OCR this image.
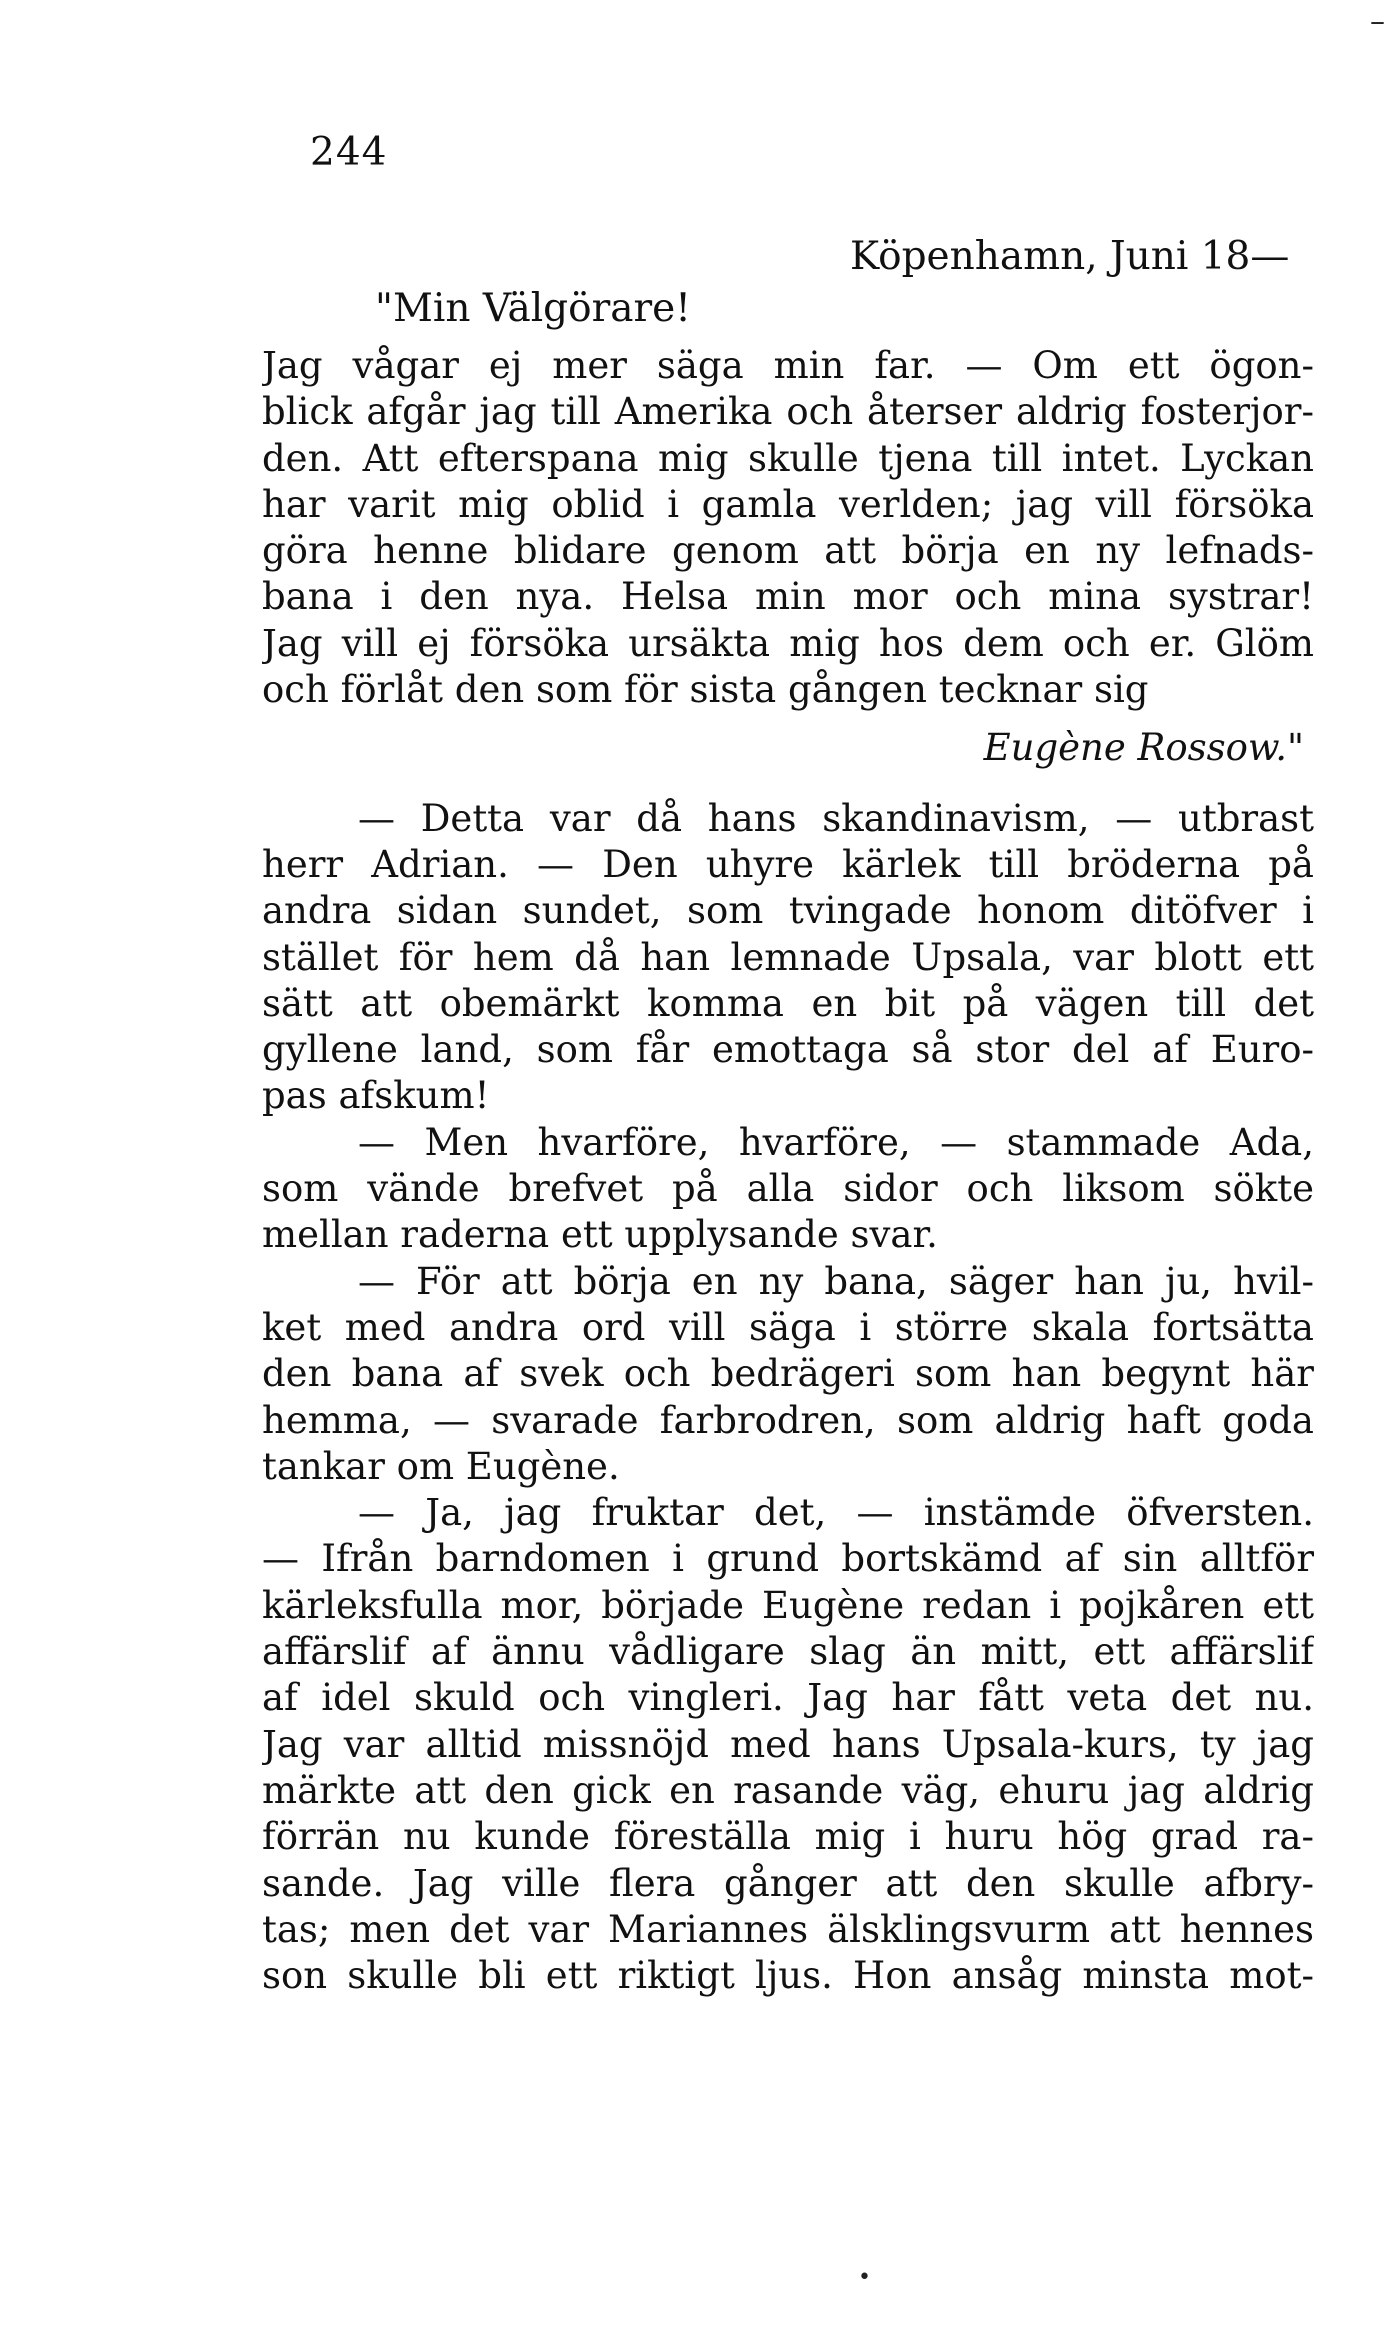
–
244
Köpenhamn, Juni 18—
"Min Välgörare!
Jag vågar ej mer säga min far. — Om ett ögon-
blick afgår jag till Amerika och återser aldrig fosterjor-
den. Att efterspana mig skulle tjena till intet. Lyckan
har varit mig oblid i gamla verlden; jag vill försöka
göra henne blidare genom att börja en ny lefnads-
bana i den nya. Helsa min mor och mina systrar!
Jag vill ej försöka ursäkta mig hos dem och er. Glöm
och förlåt den som för sista gången tecknar sig
Eugène Rossow."
— Detta var då hans skandinavism, — utbrast
herr Adrian. — Den uhyre kärlek till bröderna på
andra sidan sundet, som tvingade honom ditöfver i
stället för hem då han lemnade Upsala, var blott ett
sätt att obemärkt komma en bit på vägen till det
gyllene land, som får emottaga så stor del af Euro-
pas afskum!
— Men hvarföre, hvarföre, — stammade Ada,
som vände brefvet på alla sidor och liksom sökte
mellan raderna ett upplysande svar.
— För att börja en ny bana, säger han ju, hvil-
ket med andra ord vill säga i större skala fortsätta
den bana af svek och bedrägeri som han begynt här
hemma, — svarade farbrodren, som aldrig haft goda
tankar om Eugène.
— Ja, jag fruktar det, — instämde öfversten.
— Ifrån barndomen i grund bortskämd af sin alltför
kärleksfulla mor, började Eugène redan i pojkåren ett
affärslif af ännu vådligare slag än mitt, ett affärslif
af idel skuld och vingleri. Jag har fått veta det nu.
Jag var alltid missnöjd med hans Upsala-kurs, ty jag
märkte att den gick en rasande väg, ehuru jag aldrig
förrän nu kunde föreställa mig i huru hög grad ra-
sande. Jag ville flera gånger att den skulle afbry-
tas; men det var Mariannes älsklingsvurm att hennes
son skulle bli ett riktigt ljus. Hon ansåg minsta mot-
•
